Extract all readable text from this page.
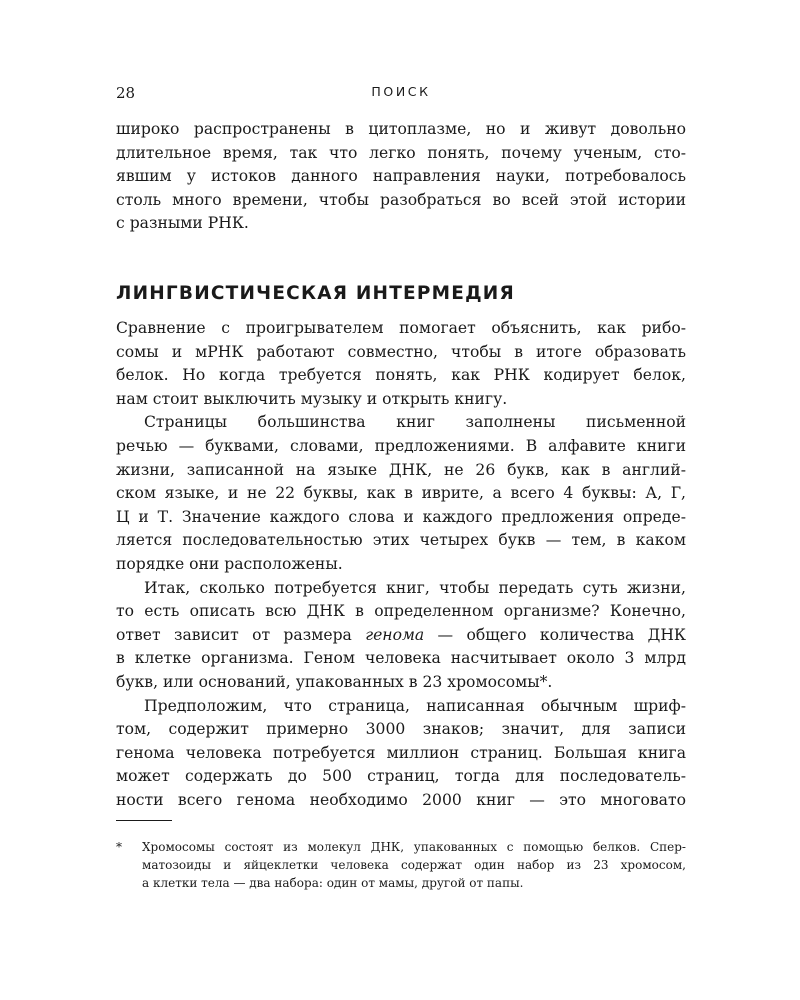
28	ПОИСК
широко распространены в цитоплазме, но и живут довольно
длительное время, так что легко понять, почему ученым, сто-
явшим у истоков данного направления науки, потребовалось
столь много времени, чтобы разобраться во всей этой истории
с разными РНК.
ЛИНГВИСТИЧЕСКАЯ ИНТЕРМЕДИЯ
Сравнение с проигрывателем помогает объяснить, как рибо-
сомы и мРНК работают совместно, чтобы в итоге образовать
белок. Но когда требуется понять, как РНК кодирует белок,
нам стоит выключить музыку и открыть книгу.
Страницы большинства книг заполнены письменной
речью — буквами, словами, предложениями. В алфавите книги
жизни, записанной на языке ДНК, не 26 букв, как в англий-
ском языке, и не 22 буквы, как в иврите, а всего 4 буквы: А, Г,
Ц и Т. Значение каждого слова и каждого предложения опреде-
ляется последовательностью этих четырех букв — тем, в каком
порядке они расположены.
Итак, сколько потребуется книг, чтобы передать суть жизни,
то есть описать всю ДНК в определенном организме? Конечно,
ответ зависит от размера генома — общего количества ДНК
в клетке организма. Геном человека насчитывает около 3 млрд
букв, или оснований, упакованных в 23 хромосомы*.
Предположим, что страница, написанная обычным шриф-
том, содержит примерно 3000 знаков; значит, для записи
генома человека потребуется миллион страниц. Большая книга
может содержать до 500 страниц, тогда для последователь-
ности всего генома необходимо 2000 книг — это многовато
*	Хромосомы состоят из молекул ДНК, упакованных с помощью белков. Спер-
матозоиды и яйцеклетки человека содержат один набор из 23 хромосом,
а клетки тела — два набора: один от мамы, другой от папы.
